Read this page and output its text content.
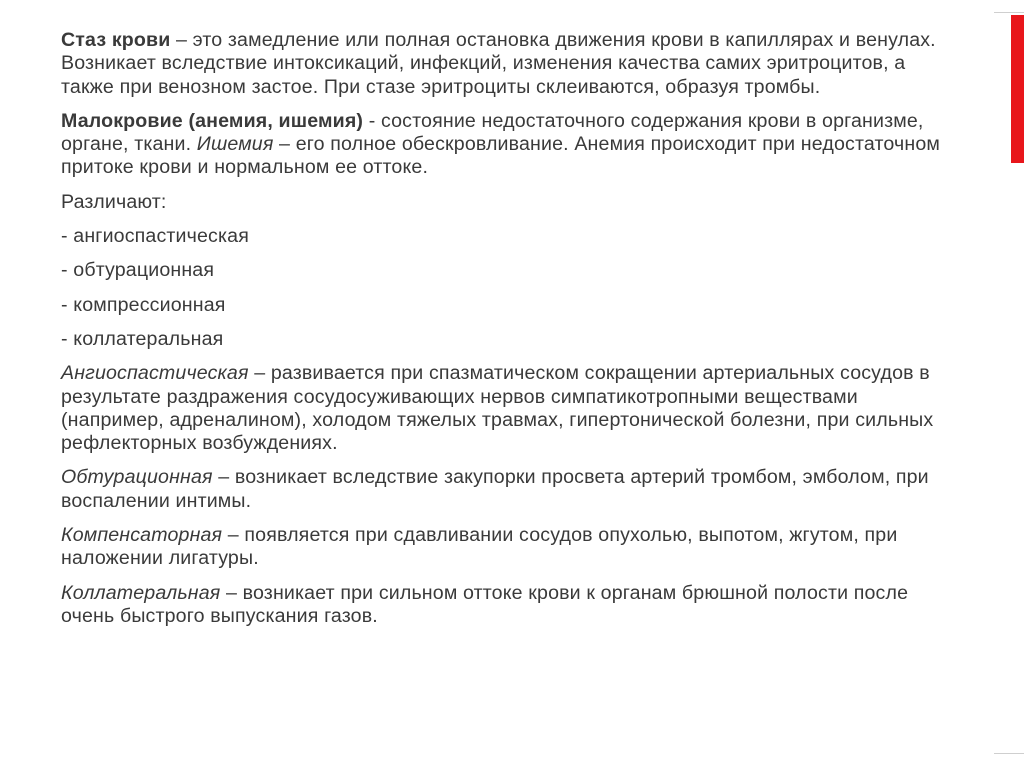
Стаз крови – это замедление или полная остановка движения крови в капиллярах и венулах. Возникает вследствие интоксикаций, инфекций, изменения качества самих эритроцитов, а также при венозном застое. При стазе эритроциты склеиваются, образуя тромбы.

Малокровие (анемия, ишемия) - состояние недостаточного содержания крови в организме, органе, ткани. Ишемия – его полное обескровливание. Анемия происходит при недостаточном притоке крови и нормальном ее оттоке.

Различают:

- ангиоспастическая

- обтурационная

- компрессионная

- коллатеральная

Ангиоспастическая – развивается при спазматическом сокращении артериальных сосудов в результате раздражения сосудосуживающих нервов симпатикотропными веществами (например, адреналином), холодом тяжелых травмах, гипертонической болезни, при сильных рефлекторных возбуждениях.

Обтурационная – возникает вследствие закупорки просвета артерий тромбом, эмболом, при воспалении интимы.

Компенсаторная – появляется при сдавливании сосудов опухолью, выпотом, жгутом, при наложении лигатуры.

Коллатеральная – возникает при сильном оттоке крови к органам брюшной полости после очень быстрого выпускания газов.
